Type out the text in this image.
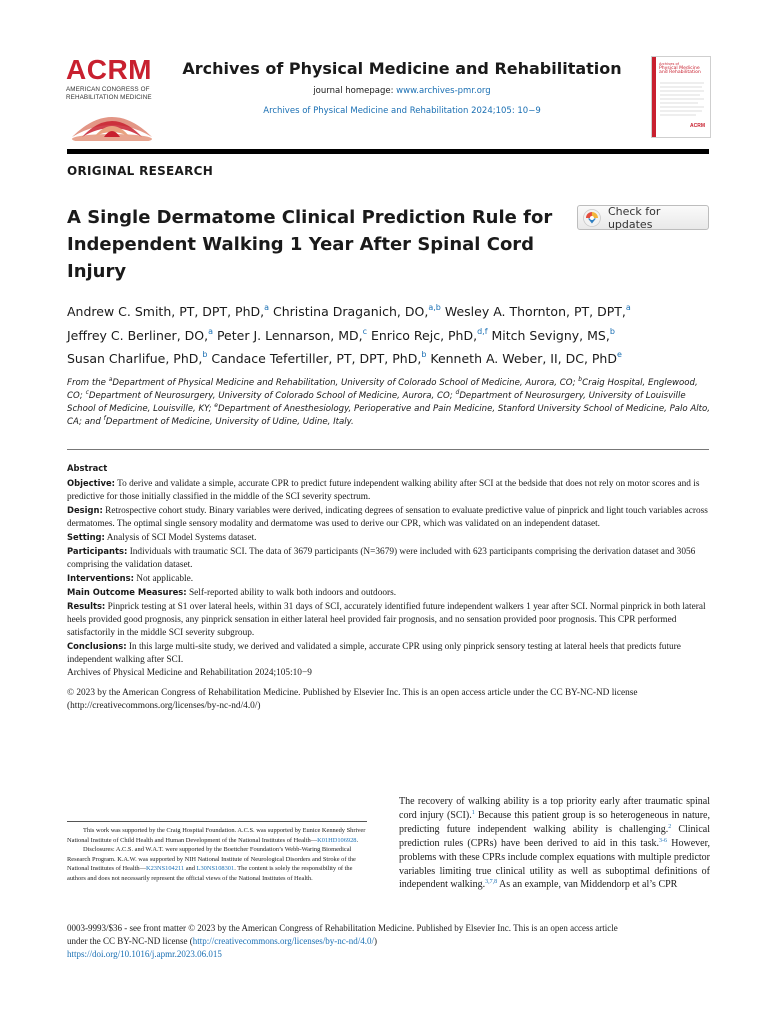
ACRM
AMERICAN CONGRESS OF
REHABILITATION MEDICINE
Archives of Physical Medicine and Rehabilitation
journal homepage: www.archives-pmr.org
Archives of Physical Medicine and Rehabilitation 2024;105: 10−9
Archives of
Physical Medicine
and Rehabilitation
ACRM
ORIGINAL RESEARCH
A Single Dermatome Clinical Prediction Rule for
Independent Walking 1 Year After Spinal Cord
Injury
Check for updates
Andrew C. Smith, PT, DPT, PhD,$^a$ Christina Draganich, DO,$^{a,b}$ Wesley A. Thornton, PT, DPT,$^a$
Jeffrey C. Berliner, DO,$^a$ Peter J. Lennarson, MD,$^c$ Enrico Rejc, PhD,$^{d,f}$ Mitch Sevigny, MS,$^b$
Susan Charlifue, PhD,$^b$ Candace Tefertiller, PT, DPT, PhD,$^b$ Kenneth A. Weber, II, DC, PhD$^e$
From the $^a$Department of Physical Medicine and Rehabilitation, University of Colorado School of Medicine, Aurora, CO; $^b$Craig Hospital, Englewood, CO; $^c$Department of Neurosurgery, University of Colorado School of Medicine, Aurora, CO; $^d$Department of Neurosurgery, University of Louisville School of Medicine, Louisville, KY; $^e$Department of Anesthesiology, Perioperative and Pain Medicine, Stanford University School of Medicine, Palo Alto, CA; and $^f$Department of Medicine, University of Udine, Udine, Italy.
Abstract

Objective: To derive and validate a simple, accurate CPR to predict future independent walking ability after SCI at the bedside that does not rely on motor scores and is predictive for those initially classified in the middle of the SCI severity spectrum.

Design: Retrospective cohort study. Binary variables were derived, indicating degrees of sensation to evaluate predictive value of pinprick and light touch variables across dermatomes. The optimal single sensory modality and dermatome was used to derive our CPR, which was validated on an independent dataset.

Setting: Analysis of SCI Model Systems dataset.

Participants: Individuals with traumatic SCI. The data of 3679 participants (N=3679) were included with 623 participants comprising the derivation dataset and 3056 comprising the validation dataset.

Interventions: Not applicable.

Main Outcome Measures: Self-reported ability to walk both indoors and outdoors.

Results: Pinprick testing at S1 over lateral heels, within 31 days of SCI, accurately identified future independent walkers 1 year after SCI. Normal pinprick in both lateral heels provided good prognosis, any pinprick sensation in either lateral heel provided fair prognosis, and no sensation provided poor prognosis. This CPR performed satisfactorily in the middle SCI severity subgroup.

Conclusions: In this large multi-site study, we derived and validated a simple, accurate CPR using only pinprick sensory testing at lateral heels that predicts future independent walking after SCI.

Archives of Physical Medicine and Rehabilitation 2024;105:10−9

© 2023 by the American Congress of Rehabilitation Medicine. Published by Elsevier Inc. This is an open access article under the CC BY-NC-ND license (http://creativecommons.org/licenses/by-nc-nd/4.0/)

This work was supported by the Craig Hospital Foundation. A.C.S. was supported by Eunice Kennedy Shriver National Institute of Child Health and Human Development of the National Institutes of Health—K01HD106928.

Disclosures: A.C.S. and W.A.T. were supported by the Boettcher Foundation’s Webb-Waring Biomedical Research Program. K.A.W. was supported by NIH National Institute of Neurological Disorders and Stroke of the National Institutes of Health—K23NS104211 and L30NS108301. The content is solely the responsibility of the authors and does not necessarily represent the official views of the National Institutes of Health.

The recovery of walking ability is a top priority early after traumatic spinal cord injury (SCI).$^1$ Because this patient group is so heterogeneous in nature, predicting future independent walking ability is challenging.$^2$ Clinical prediction rules (CPRs) have been derived to aid in this task.$^{3-6}$ However, problems with these CPRs include complex equations with multiple predictor variables limiting true clinical utility as well as suboptimal definitions of independent walking.$^{3,7,8}$ As an example, van Middendorp et al’s CPR

0003-9993/$36 - see front matter © 2023 by the American Congress of Rehabilitation Medicine. Published by Elsevier Inc. This is an open access article

under the CC BY-NC-ND license (http://creativecommons.org/licenses/by-nc-nd/4.0/)

https://doi.org/10.1016/j.apmr.2023.06.015
